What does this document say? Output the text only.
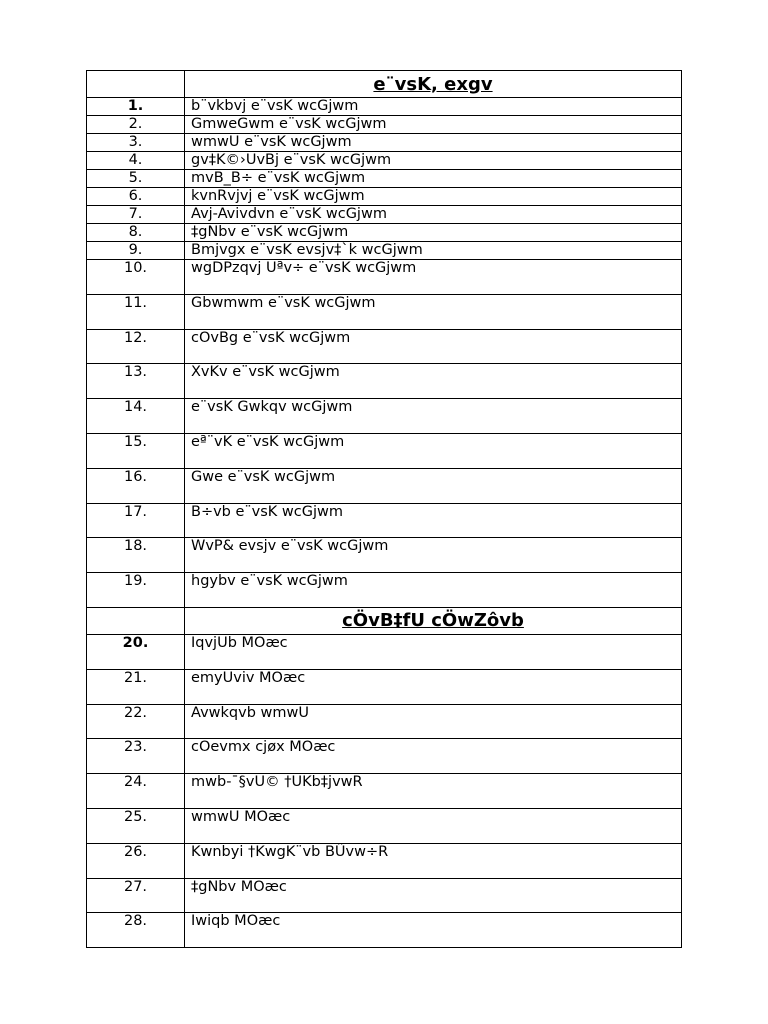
	e¨vsK, exgv
1.	b¨vkbvj e¨vsK wcGjwm
2.	GmweGwm e¨vsK wcGjwm
3.	wmwU e¨vsK wcGjwm
4.	gv‡K©›UvBj e¨vsK wcGjwm
5.	mvB_B÷ e¨vsK wcGjwm
6.	kvnRvjvj e¨vsK wcGjwm
7.	Avj-Avivdvn e¨vsK wcGjwm
8.	‡gNbv e¨vsK wcGjwm
9.	Bmjvgx e¨vsK evsjv‡`k wcGjwm
10.	wgDPzqvj Uªv÷ e¨vsK wcGjwm
11.	Gbwmwm e¨vsK wcGjwm
12.	cÖvBg e¨vsK wcGjwm
13.	XvKv e¨vsK wcGjwm
14.	e¨vsK Gwkqv wcGjwm
15.	eª¨vK e¨vsK wcGjwm
16.	Gwe e¨vsK wcGjwm
17.	B÷vb e¨vsK wcGjwm
18.	WvP& evsjv e¨vsK wcGjwm
19.	hgybv e¨vsK wcGjwm
	cÖvB‡fU cÖwZôvb
20.	IqvjUb MÖæc
21.	emyÜviv MÖæc
22.	Avwkqvb wmwU
23.	cÖevmx cjøx MÖæc
24.	mwb-¯§vU© †UKb‡jvwR
25.	wmwU MÖæc
26.	Kwnbyi †KwgK¨vb BÛvw÷R
27.	‡gNbv MÖæc
28.	Iwiqb MÖæc
